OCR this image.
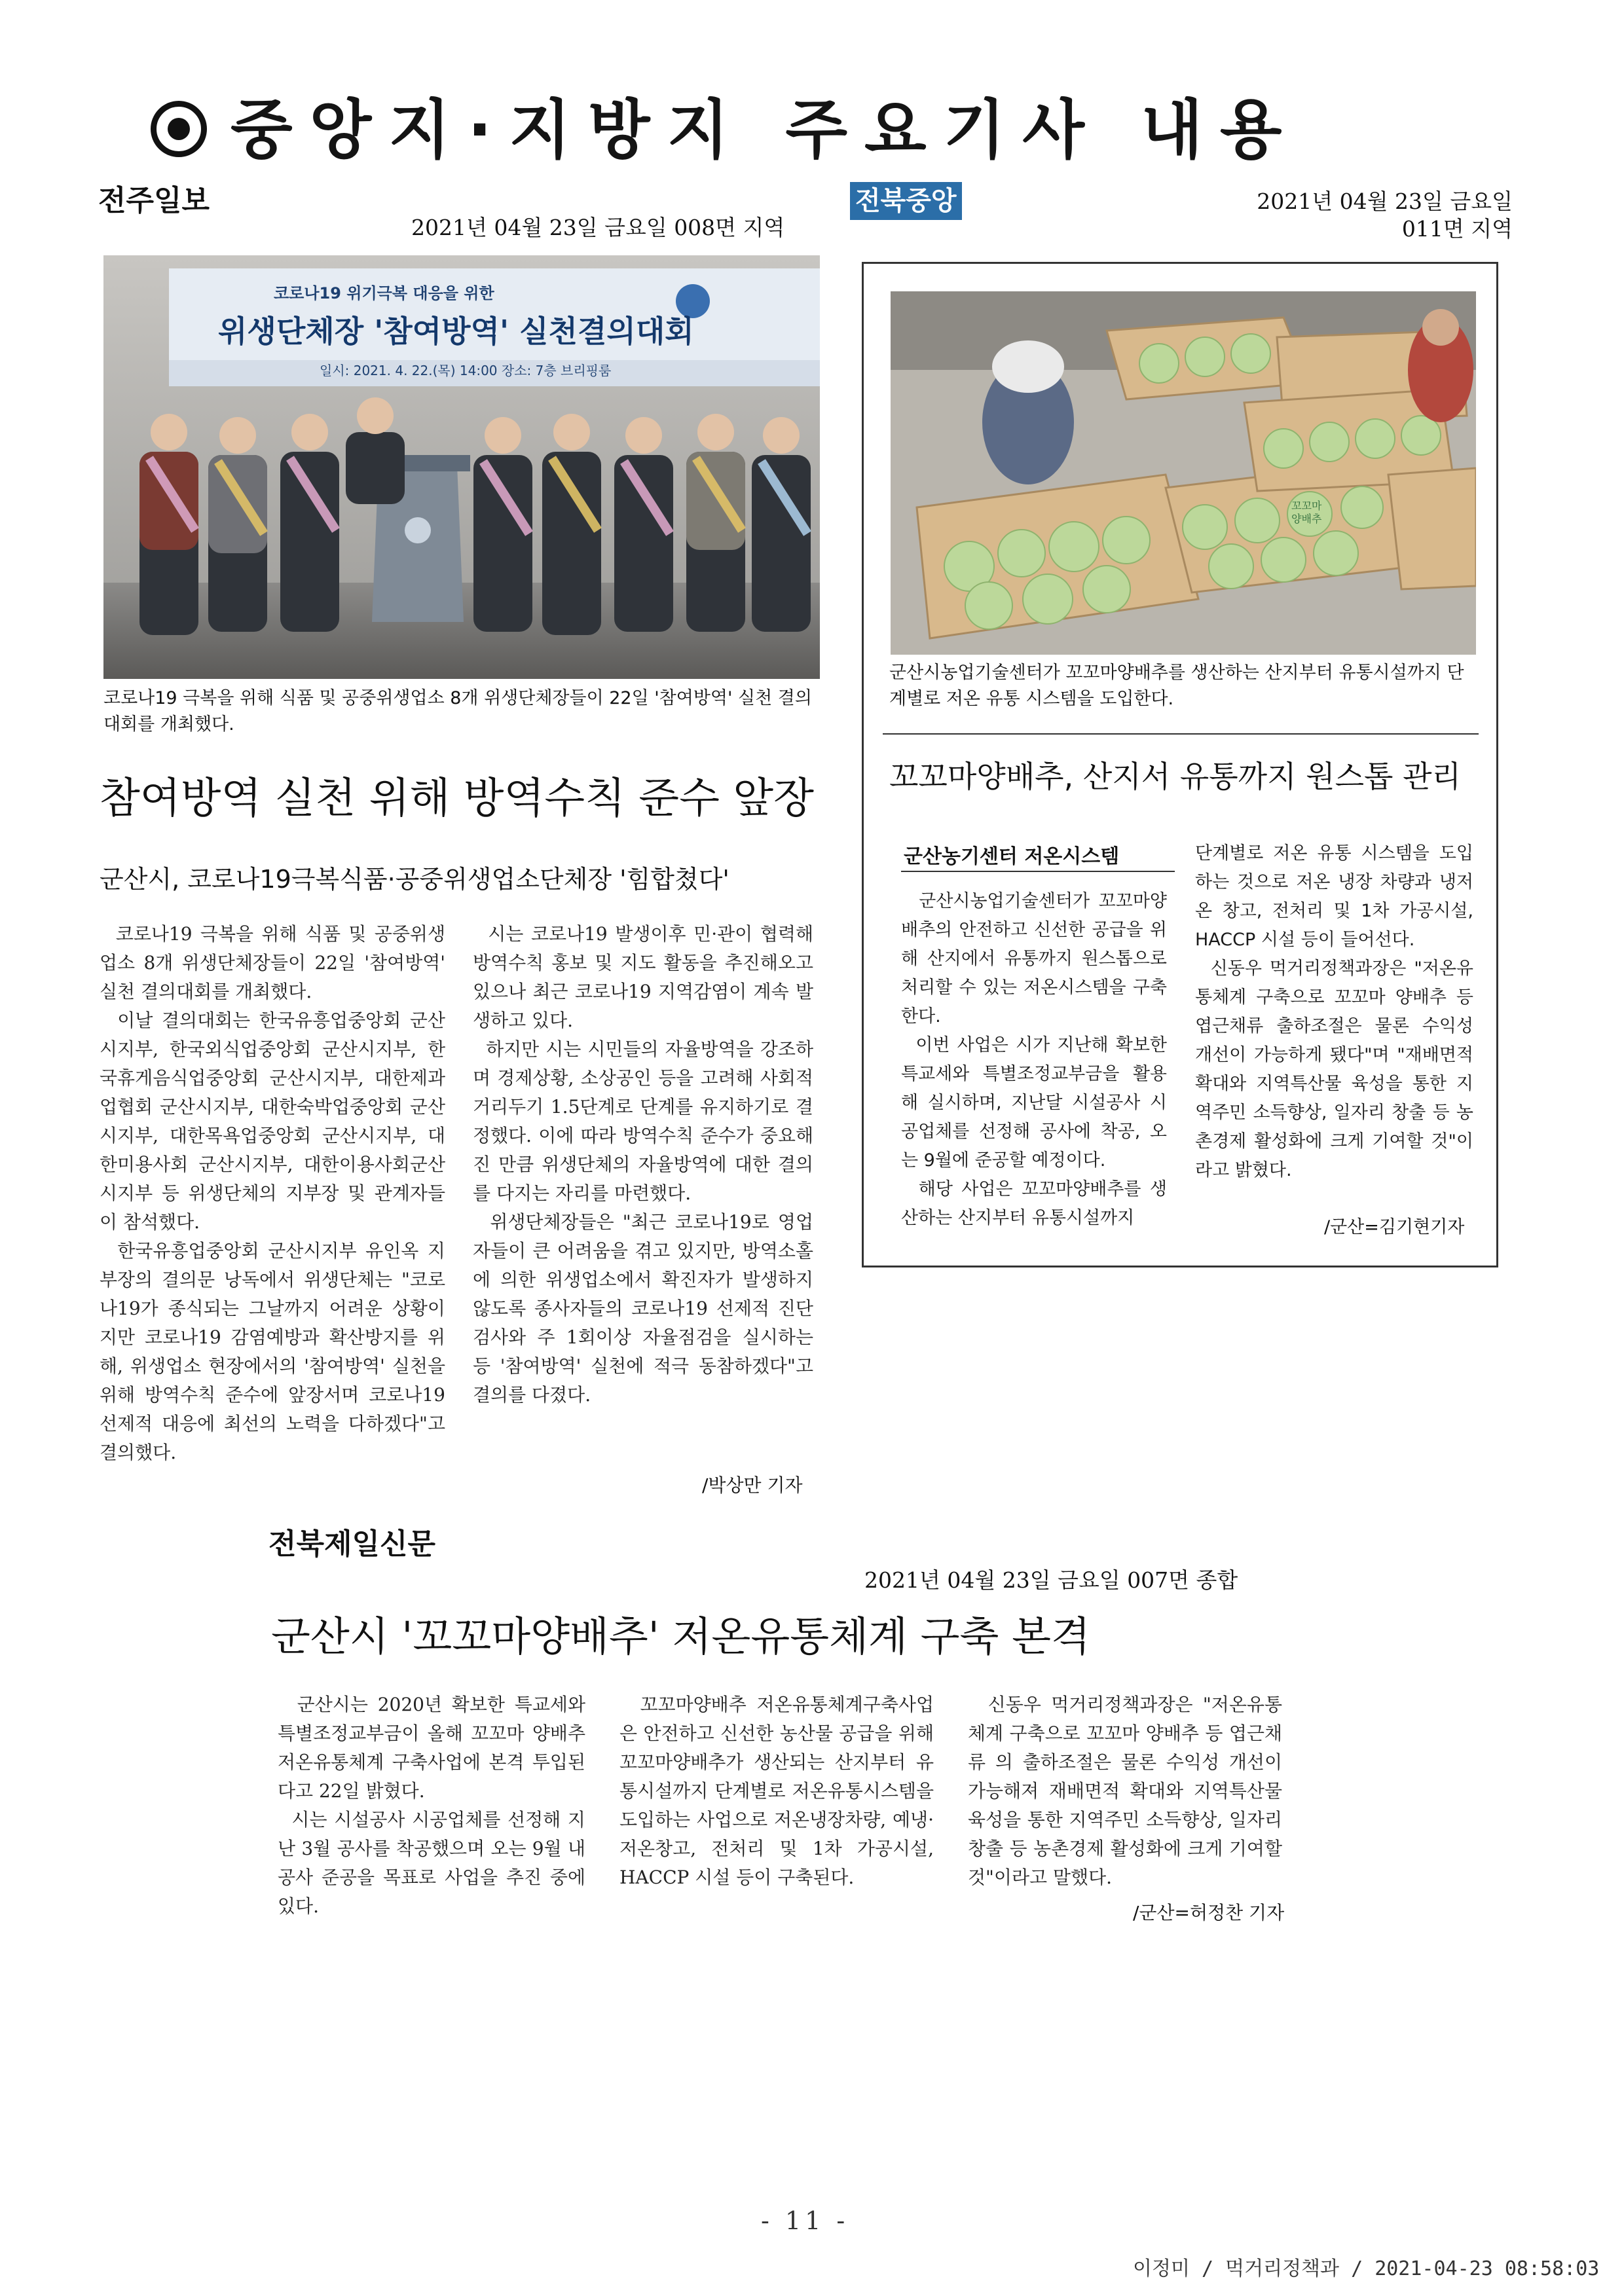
중앙지·지방지 주요기사 내용
전주일보
2021년 04월 23일 금요일 008면 지역
코로나19 위기극복 대응을 위한
위생단체장 '참여방역' 실천결의대회
일시: 2021. 4. 22.(목) 14:00 장소: 7층 브리핑룸
코로나19 극복을 위해 식품 및 공중위생업소 8개 위생단체장들이 22일 '참여방역' 실천 결의대회를 개최했다.
참여방역 실천 위해 방역수칙 준수 앞장
군산시, 코로나19극복식품·공중위생업소단체장 '힘합쳤다'
코로나19 극복을 위해 식품 및 공중위생업소 8개 위생단체장들이 22일 '참여방역' 실천 결의대회를 개최했다.
이날 결의대회는 한국유흥업중앙회 군산시지부, 한국외식업중앙회 군산시지부, 한국휴게음식업중앙회 군산시지부, 대한제과업협회 군산시지부, 대한숙박업중앙회 군산시지부, 대한목욕업중앙회 군산시지부, 대한미용사회 군산시지부, 대한이용사회군산시지부 등 위생단체의 지부장 및 관계자들이 참석했다.
한국유흥업중앙회 군산시지부 유인옥 지부장의 결의문 낭독에서 위생단체는 "코로나19가 종식되는 그날까지 어려운 상황이지만 코로나19 감염예방과 확산방지를 위해, 위생업소 현장에서의 '참여방역' 실천을 위해 방역수칙 준수에 앞장서며 코로나19 선제적 대응에 최선의 노력을 다하겠다"고 결의했다.
시는 코로나19 발생이후 민·관이 협력해 방역수칙 홍보 및 지도 활동을 추진해오고 있으나 최근 코로나19 지역감염이 계속 발생하고 있다.
하지만 시는 시민들의 자율방역을 강조하며 경제상황, 소상공인 등을 고려해 사회적거리두기 1.5단계로 단계를 유지하기로 결정했다. 이에 따라 방역수칙 준수가 중요해진 만큼 위생단체의 자율방역에 대한 결의를 다지는 자리를 마련했다.
위생단체장들은 "최근 코로나19로 영업자들이 큰 어려움을 겪고 있지만, 방역소홀에 의한 위생업소에서 확진자가 발생하지 않도록 종사자들의 코로나19 선제적 진단검사와 주 1회이상 자율점검을 실시하는 등 '참여방역' 실천에 적극 동참하겠다"고 결의를 다졌다.
/박상만 기자
전북중앙	2021년 04월 23일 금요일
011면 지역
꼬꼬마
양배추
군산시농업기술센터가 꼬꼬마양배추를 생산하는 산지부터 유통시설까지 단계별로 저온 유통 시스템을 도입한다.
꼬꼬마양배추, 산지서 유통까지 원스톱 관리
군산농기센터 저온시스템
군산시농업기술센터가 꼬꼬마양배추의 안전하고 신선한 공급을 위해 산지에서 유통까지 원스톱으로 처리할 수 있는 저온시스템을 구축한다.
이번 사업은 시가 지난해 확보한 특교세와 특별조정교부금을 활용해 실시하며, 지난달 시설공사 시공업체를 선정해 공사에 착공, 오는 9월에 준공할 예정이다.
해당 사업은 꼬꼬마양배추를 생산하는 산지부터 유통시설까지
단계별로 저온 유통 시스템을 도입하는 것으로 저온 냉장 차량과 냉저온 창고, 전처리 및 1차 가공시설, HACCP 시설 등이 들어선다.
신동우 먹거리정책과장은 "저온유통체계 구축으로 꼬꼬마 양배추 등 엽근채류 출하조절은 물론 수익성 개선이 가능하게 됐다"며 "재배면적 확대와 지역특산물 육성을 통한 지역주민 소득향상, 일자리 창출 등 농촌경제 활성화에 크게 기여할 것"이라고 밝혔다.
/군산=김기현기자
전북제일신문
2021년 04월 23일 금요일 007면 종합
군산시 '꼬꼬마양배추' 저온유통체계 구축 본격
군산시는 2020년 확보한 특교세와 특별조정교부금이 올해 꼬꼬마 양배추 저온유통체계 구축사업에 본격 투입된다고 22일 밝혔다.
시는 시설공사 시공업체를 선정해 지난 3월 공사를 착공했으며 오는 9월 내 공사 준공을 목표로 사업을 추진 중에 있다.
꼬꼬마양배추 저온유통체계구축사업은 안전하고 신선한 농산물 공급을 위해 꼬꼬마양배추가 생산되는 산지부터 유통시설까지 단계별로 저온유통시스템을 도입하는 사업으로 저온냉장차량, 예냉·저온창고, 전처리 및 1차 가공시설, HACCP 시설 등이 구축된다.
신동우 먹거리정책과장은 "저온유통체계 구축으로 꼬꼬마 양배추 등 엽근채류 의 출하조절은 물론 수익성 개선이 가능해져 재배면적 확대와 지역특산물 육성을 통한 지역주민 소득향상, 일자리 창출 등 농촌경제 활성화에 크게 기여할 것"이라고 말했다.
/군산=허정찬 기자
- 11 -
이정미 / 먹거리정책과 / 2021-04-23 08:58:03
